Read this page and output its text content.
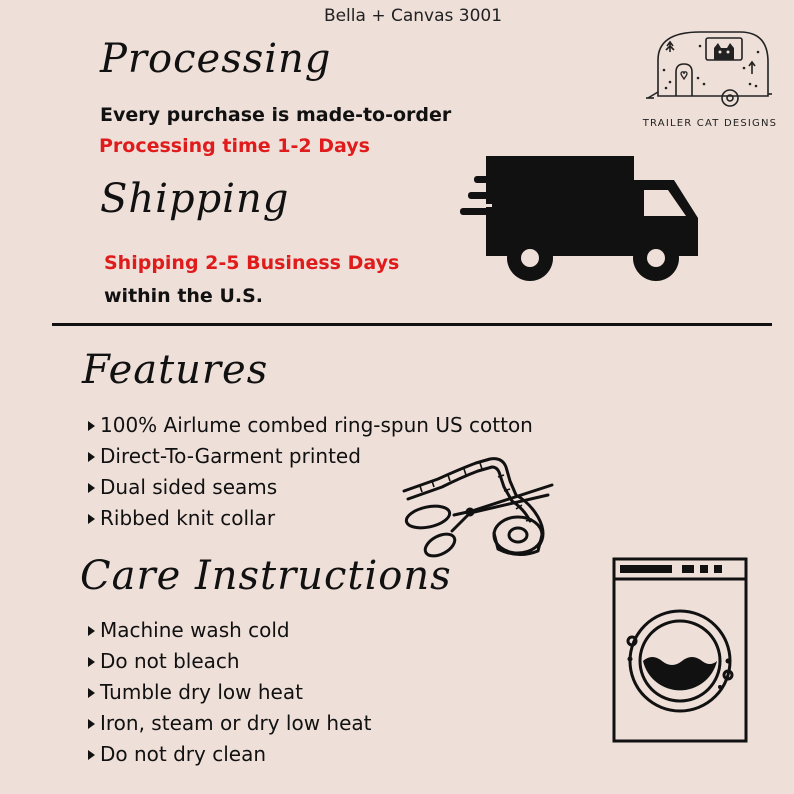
Bella + Canvas 3001
TRAILER CAT DESIGNS
Processing
Every purchase is made-to-order
Processing time 1-2 Days
Shipping
Shipping 2-5 Business Days
within the U.S.
Features
100% Airlume combed ring-spun US cotton
Direct-To-Garment printed
Dual sided seams
Ribbed knit collar
Care Instructions
Machine wash cold
Do not bleach
Tumble dry low heat
Iron, steam or dry low heat
Do not dry clean
